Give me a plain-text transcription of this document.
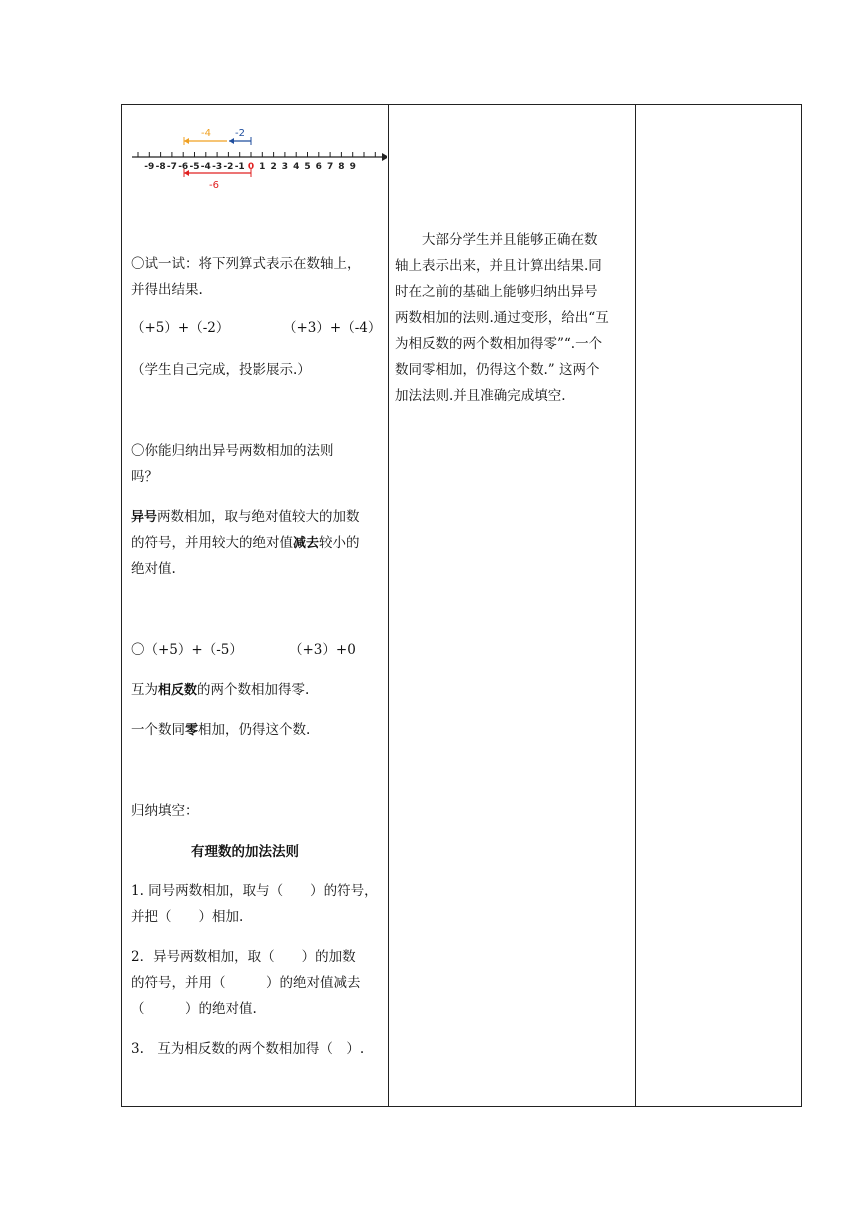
-9 -8 -7 -6 -5 -4 -3 -2 -1 0 1 2 3 4 5 6 7 8 9
-4 -2
-6

〇试一试：将下列算式表示在数轴上，

并得出结果.

（+5）+（-2）	（+3）+（-4）

（学生自己完成，投影展示.）

〇你能归纳出异号两数相加的法则

吗？

异号两数相加，取与绝对值较大的加数

的符号，并用较大的绝对值减去较小的

绝对值.

〇（+5）+（-5）	（+3）+0

互为相反数的两个数相加得零.

一个数同零相加，仍得这个数.

归纳填空：

有理数的加法法则

1. 同号两数相加，取与（　　）的符号，

并把（　　）相加.

2．异号两数相加，取（　　）的加数

的符号，并用（　　　）的绝对值减去

（　　　）的绝对值.

3.　互为相反数的两个数相加得（　）.

　　大部分学生并且能够正确在数

轴上表示出来，并且计算出结果.同

时在之前的基础上能够归纳出异号

两数相加的法则.通过变形，给出“互

为相反数的两个数相加得零”“.一个

数同零相加，仍得这个数.” 这两个

加法法则.并且准确完成填空.
